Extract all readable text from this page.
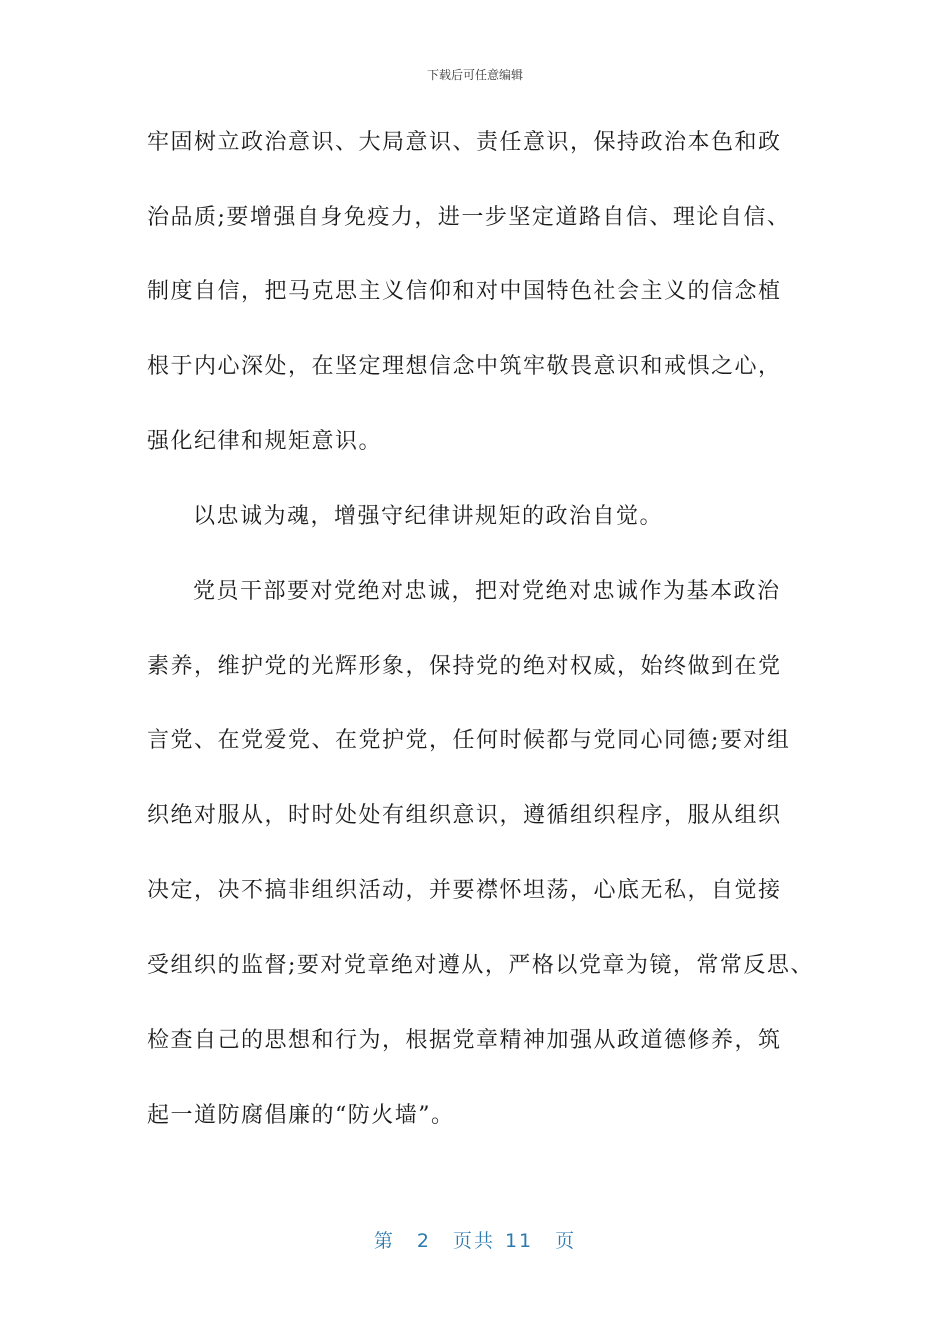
下载后可任意编辑
牢固树立政治意识、大局意识、责任意识，保持政治本色和政
治品质;要增强自身免疫力，进一步坚定道路自信、理论自信、
制度自信，把马克思主义信仰和对中国特色社会主义的信念植
根于内心深处，在坚定理想信念中筑牢敬畏意识和戒惧之心，
强化纪律和规矩意识。
以忠诚为魂，增强守纪律讲规矩的政治自觉。
党员干部要对党绝对忠诚，把对党绝对忠诚作为基本政治
素养，维护党的光辉形象，保持党的绝对权威，始终做到在党
言党、在党爱党、在党护党，任何时候都与党同心同德;要对组
织绝对服从，时时处处有组织意识，遵循组织程序，服从组织
决定，决不搞非组织活动，并要襟怀坦荡，心底无私，自觉接
受组织的监督;要对党章绝对遵从，严格以党章为镜，常常反思、
检查自己的思想和行为，根据党章精神加强从政道德修养，筑
起一道防腐倡廉的“防火墙”。
第 2 页共 11 页
